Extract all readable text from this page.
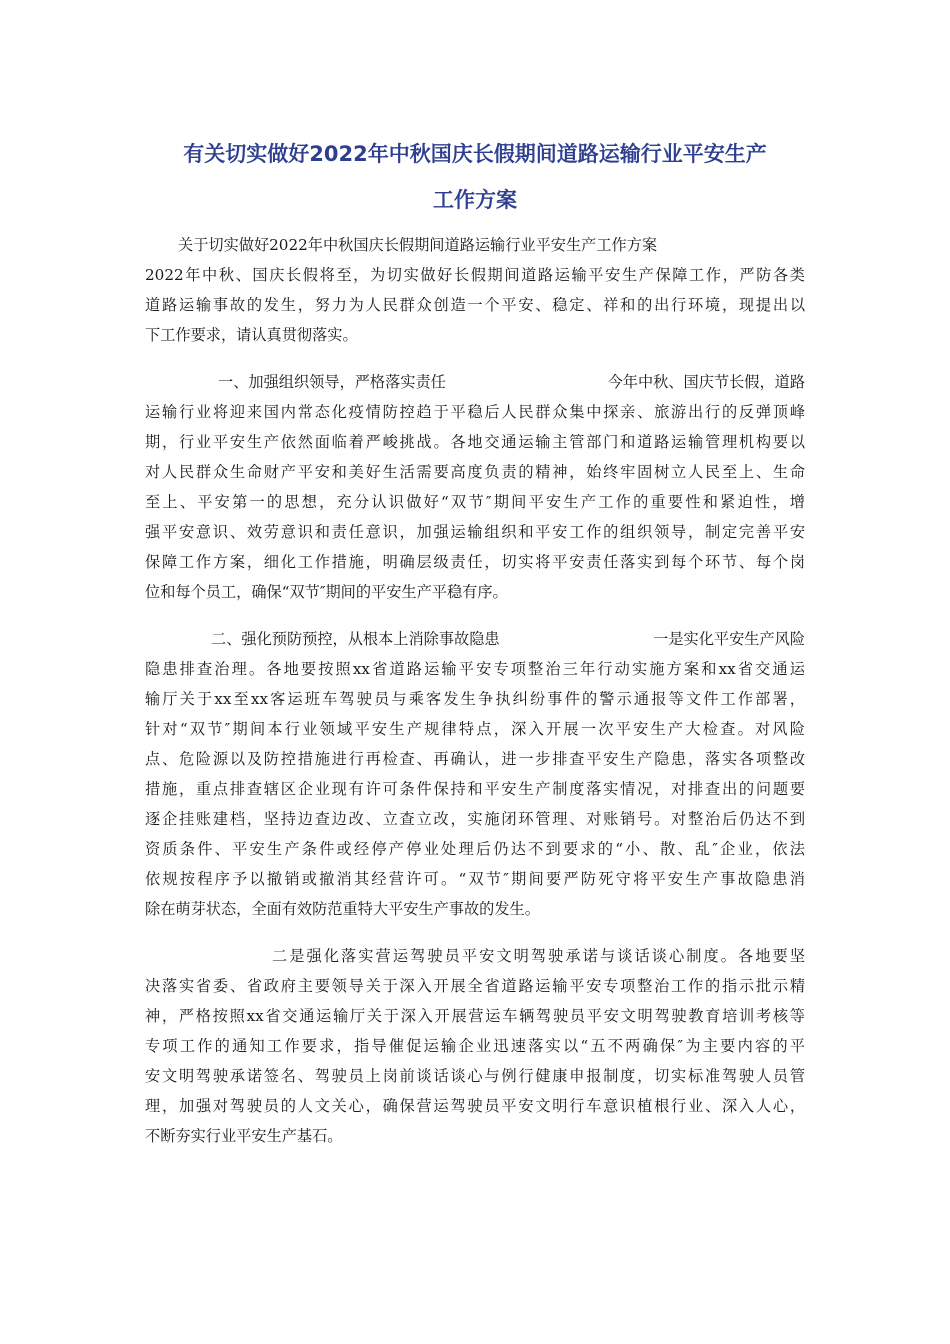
有关切实做好2022年中秋国庆长假期间道路运输行业平安生产
工作方案
关于切实做好2022年中秋国庆长假期间道路运输行业平安生产工作方案
2022年中秋、国庆长假将至，为切实做好长假期间道路运输平安生产保障工作，严防各类
道路运输事故的发生，努力为人民群众创造一个平安、稳定、祥和的出行环境，现提出以
下工作要求，请认真贯彻落实。
一、加强组织领导，严格落实责任	今年中秋、国庆节长假，道路
运输行业将迎来国内常态化疫情防控趋于平稳后人民群众集中探亲、旅游出行的反弹顶峰
期，行业平安生产依然面临着严峻挑战。各地交通运输主管部门和道路运输管理机构要以
对人民群众生命财产平安和美好生活需要高度负责的精神，始终牢固树立人民至上、生命
至上、平安第一的思想，充分认识做好“双节″期间平安生产工作的重要性和紧迫性，增
强平安意识、效劳意识和责任意识，加强运输组织和平安工作的组织领导，制定完善平安
保障工作方案，细化工作措施，明确层级责任，切实将平安责任落实到每个环节、每个岗
位和每个员工，确保“双节″期间的平安生产平稳有序。
二、强化预防预控，从根本上消除事故隐患	一是实化平安生产风险
隐患排查治理。各地要按照xx省道路运输平安专项整治三年行动实施方案和xx省交通运
输厅关于xx至xx客运班车驾驶员与乘客发生争执纠纷事件的警示通报等文件工作部署，
针对“双节″期间本行业领域平安生产规律特点，深入开展一次平安生产大检查。对风险
点、危险源以及防控措施进行再检查、再确认，进一步排查平安生产隐患，落实各项整改
措施，重点排查辖区企业现有许可条件保持和平安生产制度落实情况，对排查出的问题要
逐企挂账建档，坚持边查边改、立查立改，实施闭环管理、对账销号。对整治后仍达不到
资质条件、平安生产条件或经停产停业处理后仍达不到要求的“小、散、乱″企业，依法
依规按程序予以撤销或撤消其经营许可。“双节″期间要严防死守将平安生产事故隐患消
除在萌芽状态，全面有效防范重特大平安生产事故的发生。
二是强化落实营运驾驶员平安文明驾驶承诺与谈话谈心制度。各地要坚
决落实省委、省政府主要领导关于深入开展全省道路运输平安专项整治工作的指示批示精
神，严格按照xx省交通运输厅关于深入开展营运车辆驾驶员平安文明驾驶教育培训考核等
专项工作的通知工作要求，指导催促运输企业迅速落实以“五不两确保″为主要内容的平
安文明驾驶承诺签名、驾驶员上岗前谈话谈心与例行健康申报制度，切实标准驾驶人员管
理，加强对驾驶员的人文关心，确保营运驾驶员平安文明行车意识植根行业、深入人心，
不断夯实行业平安生产基石。
